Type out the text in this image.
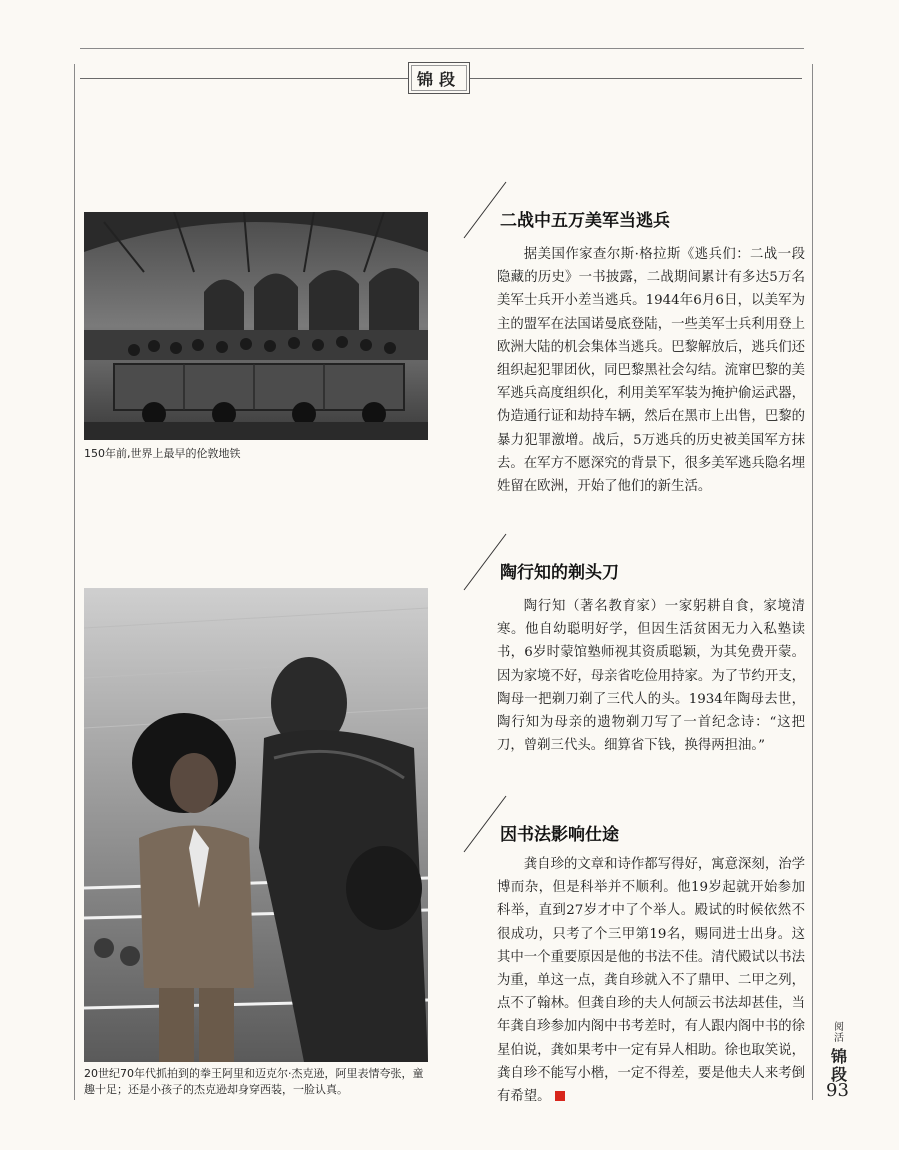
锦段
150年前,世界上最早的伦敦地铁
20世纪70年代抓拍到的拳王阿里和迈克尔·杰克逊，阿里表情夸张，童趣十足；还是小孩子的杰克逊却身穿西装，一脸认真。
二战中五万美军当逃兵

据美国作家查尔斯·格拉斯《逃兵们：二战一段隐藏的历史》一书披露，二战期间累计有多达5万名美军士兵开小差当逃兵。1944年6月6日，以美军为主的盟军在法国诺曼底登陆，一些美军士兵利用登上欧洲大陆的机会集体当逃兵。巴黎解放后，逃兵们还组织起犯罪团伙，同巴黎黑社会勾结。流窜巴黎的美军逃兵高度组织化，利用美军军装为掩护偷运武器，伪造通行证和劫持车辆，然后在黑市上出售，巴黎的暴力犯罪激增。战后，5万逃兵的历史被美国军方抹去。在军方不愿深究的背景下，很多美军逃兵隐名埋姓留在欧洲，开始了他们的新生活。

陶行知的剃头刀

陶行知（著名教育家）一家躬耕自食，家境清寒。他自幼聪明好学，但因生活贫困无力入私塾读书，6岁时蒙馆塾师视其资质聪颖，为其免费开蒙。因为家境不好，母亲省吃俭用持家。为了节约开支，陶母一把剃刀剃了三代人的头。1934年陶母去世，陶行知为母亲的遗物剃刀写了一首纪念诗：“这把刀，曾剃三代头。细算省下钱，换得两担油。”

因书法影响仕途

龚自珍的文章和诗作都写得好，寓意深刻，治学博而杂，但是科举并不顺利。他19岁起就开始参加科举，直到27岁才中了个举人。殿试的时候依然不很成功，只考了个三甲第19名，赐同进士出身。这其中一个重要原因是他的书法不佳。清代殿试以书法为重，单这一点，龚自珍就入不了鼎甲、二甲之列，点不了翰林。但龚自珍的夫人何颉云书法却甚佳，当年龚自珍参加内阁中书考差时，有人跟内阁中书的徐星伯说，龚如果考中一定有异人相助。徐也取笑说，龚自珍不能写小楷，一定不得差，要是他夫人来考倒有希望。

阅活
锦段
93
